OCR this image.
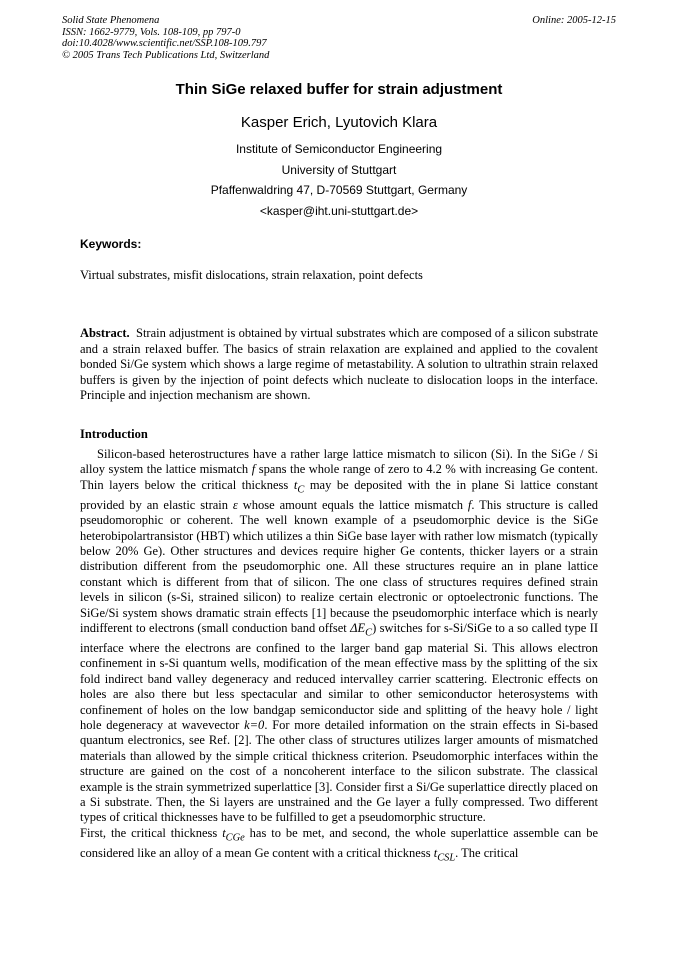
Solid State Phenomena
ISSN: 1662-9779, Vols. 108-109, pp 797-0
doi:10.4028/www.scientific.net/SSP.108-109.797
© 2005 Trans Tech Publications Ltd, Switzerland
Online: 2005-12-15
Thin SiGe relaxed buffer for strain adjustment
Kasper Erich, Lyutovich Klara
Institute of Semiconductor Engineering
University of Stuttgart
Pfaffenwaldring 47, D-70569 Stuttgart, Germany
<kasper@iht.uni-stuttgart.de>
Keywords:
Virtual substrates, misfit dislocations, strain relaxation, point defects

Abstract. Strain adjustment is obtained by virtual substrates which are composed of a silicon substrate and a strain relaxed buffer. The basics of strain relaxation are explained and applied to the covalent bonded Si/Ge system which shows a large regime of metastability. A solution to ultrathin strain relaxed buffers is given by the injection of point defects which nucleate to dislocation loops in the interface. Principle and injection mechanism are shown.

Introduction

Silicon-based heterostructures have a rather large lattice mismatch to silicon (Si). In the SiGe / Si alloy system the lattice mismatch f spans the whole range of zero to 4.2 % with increasing Ge content. Thin layers below the critical thickness $t_C$ may be deposited with the in plane Si lattice constant provided by an elastic strain ε whose amount equals the lattice mismatch f. This structure is called pseudomorophic or coherent. The well known example of a pseudomorphic device is the SiGe heterobipolartransistor (HBT) which utilizes a thin SiGe base layer with rather low mismatch (typically below 20% Ge). Other structures and devices require higher Ge contents, thicker layers or a strain distribution different from the pseudomorphic one. All these structures require an in plane lattice constant which is different from that of silicon. The one class of structures requires defined strain levels in silicon (s-Si, strained silicon) to realize certain electronic or optoelectronic functions. The SiGe/Si system shows dramatic strain effects [1] because the pseudomorphic interface which is nearly indifferent to electrons (small conduction band offset $\Delta E_C$) switches for s-Si/SiGe to a so called type II interface where the electrons are confined to the larger band gap material Si. This allows electron confinement in s-Si quantum wells, modification of the mean effective mass by the splitting of the six fold indirect band valley degeneracy and reduced intervalley carrier scattering. Electronic effects on holes are also there but less spectacular and similar to other semiconductor heterosystems with confinement of holes on the low bandgap semiconductor side and splitting of the heavy hole / light hole degeneracy at wavevector k=0. For more detailed information on the strain effects in Si-based quantum electronics, see Ref. [2]. The other class of structures utilizes larger amounts of mismatched materials than allowed by the simple critical thickness criterion. Pseudomorphic interfaces within the structure are gained on the cost of a noncoherent interface to the silicon substrate. The classical example is the strain symmetrized superlattice [3]. Consider first a Si/Ge superlattice directly placed on a Si substrate. Then, the Si layers are unstrained and the Ge layer a fully compressed. Two different types of critical thicknesses have to be fulfilled to get a pseudomorphic structure.

First, the critical thickness $t_{CGe}$ has to be met, and second, the whole superlattice assemble can be considered like an alloy of a mean Ge content with a critical thickness $t_{CSL}$. The critical
